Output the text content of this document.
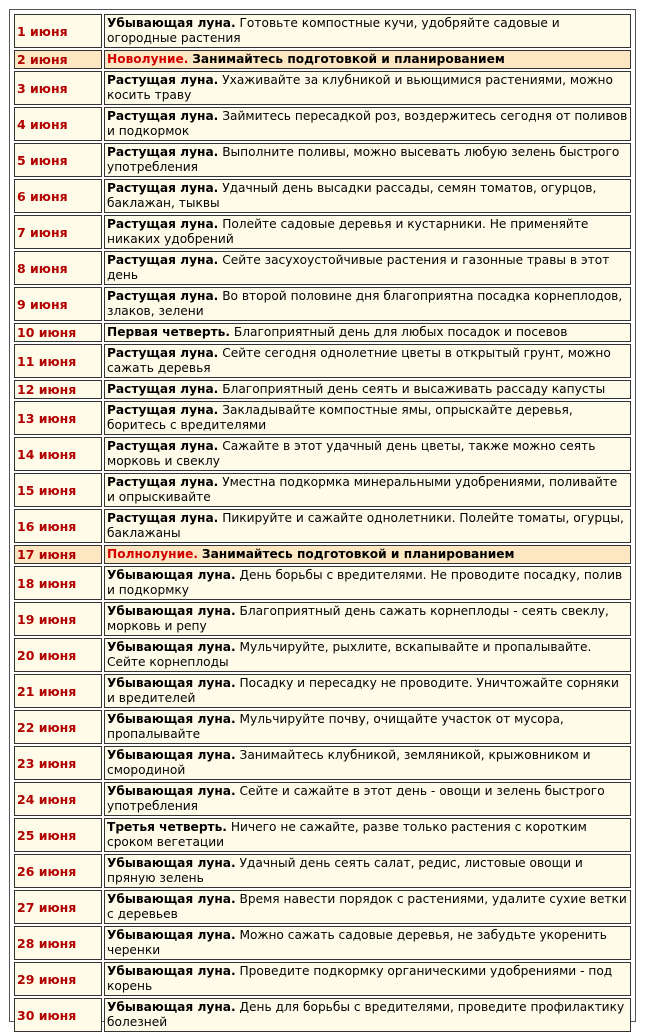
1 июня	Убывающая луна. Готовьте компостные кучи, удобряйте садовые и огородные растения
2 июня	Новолуние. Занимайтесь подготовкой и планированием
3 июня	Растущая луна. Ухаживайте за клубникой и вьющимися растениями, можно косить траву
4 июня	Растущая луна. Займитесь пересадкой роз, воздержитесь сегодня от поливов и подкормок
5 июня	Растущая луна. Выполните поливы, можно высевать любую зелень быстрого употребления
6 июня	Растущая луна. Удачный день высадки рассады, семян томатов, огурцов, баклажан, тыквы
7 июня	Растущая луна. Полейте садовые деревья и кустарники. Не применяйте никаких удобрений
8 июня	Растущая луна. Сейте засухоустойчивые растения и газонные травы в этот день
9 июня	Растущая луна. Во второй половине дня благоприятна посадка корнеплодов, злаков, зелени
10 июня	Первая четверть. Благоприятный день для любых посадок и посевов
11 июня	Растущая луна. Сейте сегодня однолетние цветы в открытый грунт, можно сажать деревья
12 июня	Растущая луна. Благоприятный день сеять и высаживать рассаду капусты
13 июня	Растущая луна. Закладывайте компостные ямы, опрыскайте деревья, боритесь с вредителями
14 июня	Растущая луна. Сажайте в этот удачный день цветы, также можно сеять морковь и свеклу
15 июня	Растущая луна. Уместна подкормка минеральными удобрениями, поливайте и опрыскивайте
16 июня	Растущая луна. Пикируйте и сажайте однолетники. Полейте томаты, огурцы, баклажаны
17 июня	Полнолуние. Занимайтесь подготовкой и планированием
18 июня	Убывающая луна. День борьбы с вредителями. Не проводите посадку, полив и подкормку
19 июня	Убывающая луна. Благоприятный день сажать корнеплоды - сеять свеклу, морковь и репу
20 июня	Убывающая луна. Мульчируйте, рыхлите, вскапывайте и пропалывайте. Сейте корнеплоды
21 июня	Убывающая луна. Посадку и пересадку не проводите. Уничтожайте сорняки и вредителей
22 июня	Убывающая луна. Мульчируйте почву, очищайте участок от мусора, пропалывайте
23 июня	Убывающая луна. Занимайтесь клубникой, земляникой, крыжовником и смородиной
24 июня	Убывающая луна. Сейте и сажайте в этот день - овощи и зелень быстрого употребления
25 июня	Третья четверть. Ничего не сажайте, разве только растения с коротким сроком вегетации
26 июня	Убывающая луна. Удачный день сеять салат, редис, листовые овощи и пряную зелень
27 июня	Убывающая луна. Время навести порядок с растениями, удалите сухие ветки с деревьев
28 июня	Убывающая луна. Можно сажать садовые деревья, не забудьте укоренить черенки
29 июня	Убывающая луна. Проведите подкормку органическими удобрениями - под корень
30 июня	Убывающая луна. День для борьбы с вредителями, проведите профилактику болезней
